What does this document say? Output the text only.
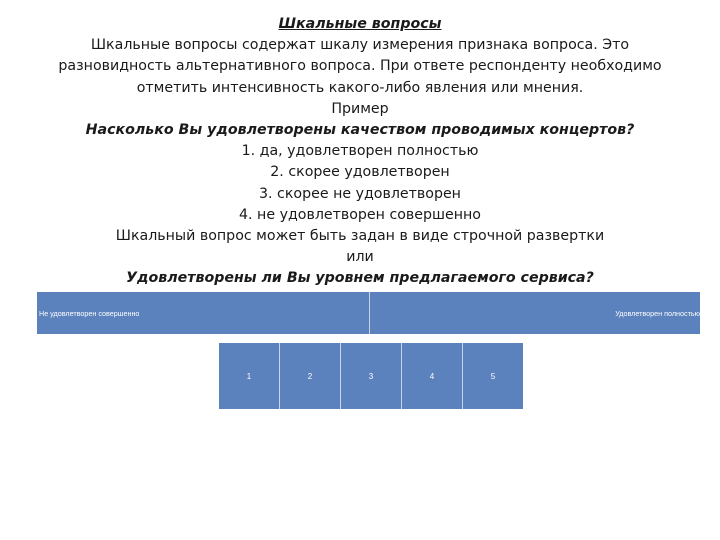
Шкальные вопросы
Шкальные вопросы содержат шкалу измерения признака вопроса. Это
разновидность альтернативного вопроса. При ответе респонденту необходимо
отметить интенсивность какого-либо явления или мнения.
Пример
Насколько Вы удовлетворены качеством проводимых концертов?
1. да, удовлетворен полностью
2. скорее удовлетворен
3. скорее не удовлетворен
4. не удовлетворен совершенно
Шкальный вопрос может быть задан в виде строчной развертки
или
Удовлетворены ли Вы уровнем предлагаемого сервиса?
Не удовлетворен совершенно	Удовлетворен полностью
1	2	3	4	5
